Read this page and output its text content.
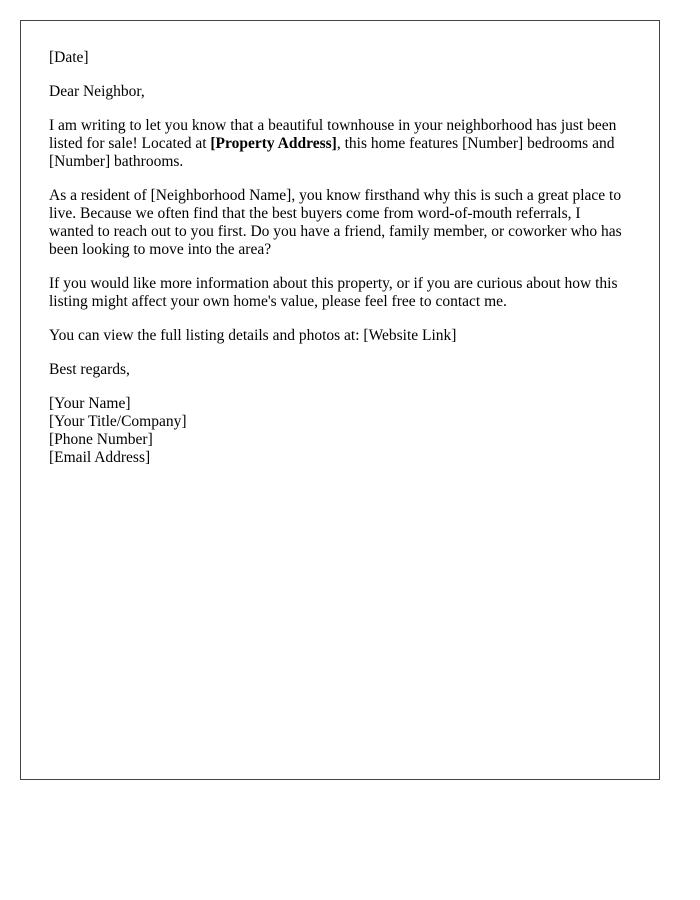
[Date]

Dear Neighbor,

I am writing to let you know that a beautiful townhouse in your neighborhood has just been listed for sale! Located at [Property Address], this home features [Number] bedrooms and [Number] bathrooms.

As a resident of [Neighborhood Name], you know firsthand why this is such a great place to live. Because we often find that the best buyers come from word-of-mouth referrals, I wanted to reach out to you first. Do you have a friend, family member, or coworker who has been looking to move into the area?

If you would like more information about this property, or if you are curious about how this listing might affect your own home's value, please feel free to contact me.

You can view the full listing details and photos at: [Website Link]

Best regards,

[Your Name]
[Your Title/Company]
[Phone Number]
[Email Address]
